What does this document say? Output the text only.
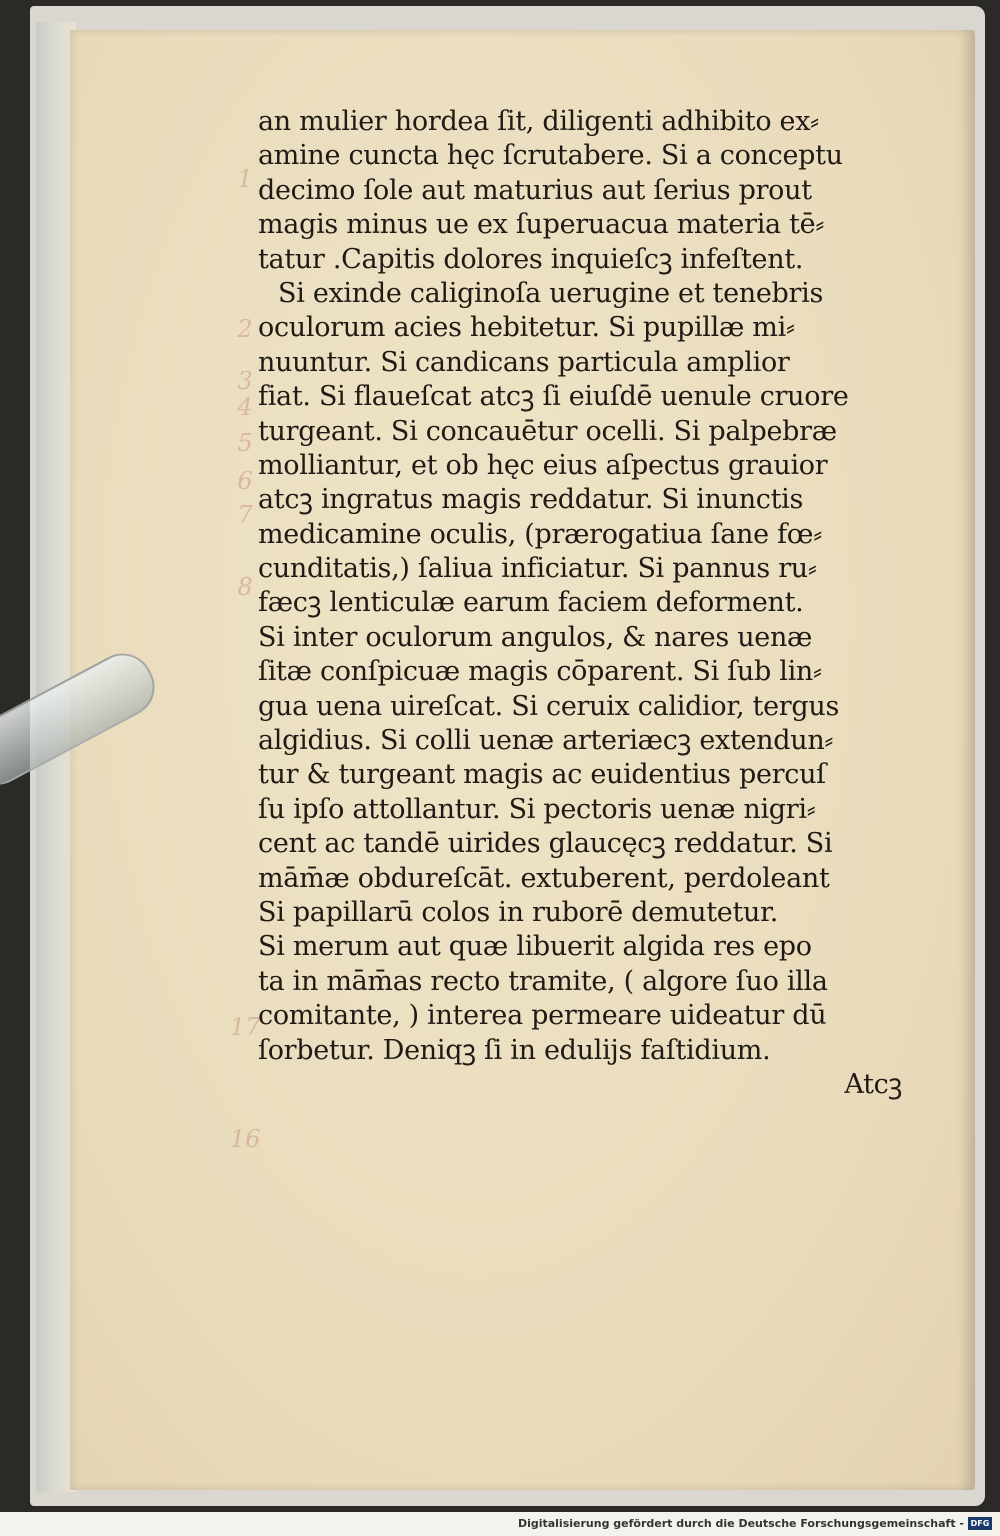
1
2
3
4
5
6
7
8
17
16
an mulier hordea ſit, diligenti adhibito ex⸗
amine cuncta hęc ſcrutabere. Si a conceptu
decimo ſole aut maturius aut ſerius prout
magis minus ue ex ſuperuacua materia tē⸗
tatur .Capitis dolores inquieſcꝫ infeſtent.
Si exinde caliginoſa uerugine et tenebris
oculorum acies hebitetur. Si pupillæ mi⸗
nuuntur. Si candicans particula amplior
fiat. Si flaueſcat atcꝫ ſi eiuſdē uenule cruore
turgeant. Si concauētur ocelli. Si palpebræ
molliantur, et ob hęc eius aſpectus grauior
atcꝫ ingratus magis reddatur. Si inunctis
medicamine oculis, (prærogatiua ſane fœ⸗
cunditatis,) ſaliua inficiatur. Si pannus ru⸗
fæcꝫ lenticulæ earum faciem deforment.
Si inter oculorum angulos, & nares uenæ
ſitæ conſpicuæ magis cōparent. Si ſub lin⸗
gua uena uireſcat. Si ceruix calidior, tergus
algidius. Si colli uenæ arteriæcꝫ extendun⸗
tur & turgeant magis ac euidentius percuſ
ſu ipſo attollantur. Si pectoris uenæ nigri⸗
cent ac tandē uirides glaucęcꝫ reddatur. Si
mām̄æ obdureſcāt. extuberent, perdoleant
Si papillarū colos in ruborē demutetur.
Si merum aut quæ libuerit algida res epo
ta in mām̄as recto tramite, ( algore ſuo illa
comitante, ) interea permeare uideatur dū
ſorbetur. Deniqꝫ ſi in edulijs faſtidium.
Atcꝫ
Digitalisierung gefördert durch die Deutsche Forschungsgemeinschaft - DFG
